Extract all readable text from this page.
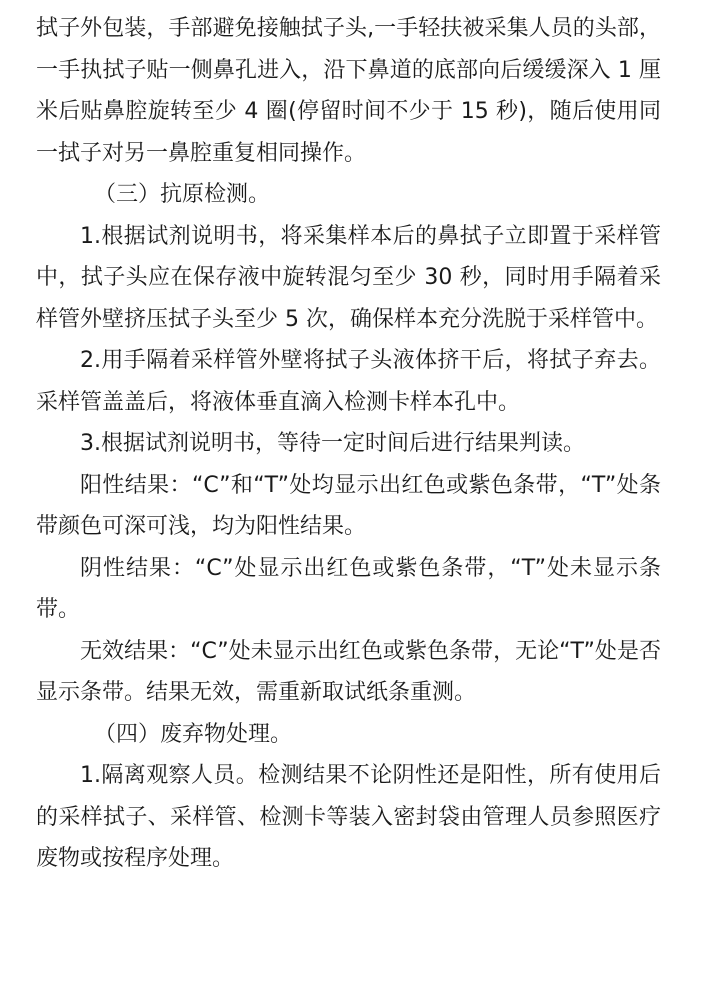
拭子外包装，手部避免接触拭子头,一手轻扶被采集人员的头部，一手执拭子贴一侧鼻孔进入，沿下鼻道的底部向后缓缓深入 1 厘米后贴鼻腔旋转至少 4 圈(停留时间不少于 15 秒)，随后使用同一拭子对另一鼻腔重复相同操作。

（三）抗原检测。

1.根据试剂说明书，将采集样本后的鼻拭子立即置于采样管中，拭子头应在保存液中旋转混匀至少 30 秒，同时用手隔着采样管外壁挤压拭子头至少 5 次，确保样本充分洗脱于采样管中。

2.用手隔着采样管外壁将拭子头液体挤干后，将拭子弃去。采样管盖盖后，将液体垂直滴入检测卡样本孔中。

3.根据试剂说明书，等待一定时间后进行结果判读。

阳性结果：“C”和“T”处均显示出红色或紫色条带，“T”处条带颜色可深可浅，均为阳性结果。

阴性结果：“C”处显示出红色或紫色条带，“T”处未显示条带。

无效结果：“C”处未显示出红色或紫色条带，无论“T”处是否显示条带。结果无效，需重新取试纸条重测。

（四）废弃物处理。

1.隔离观察人员。检测结果不论阴性还是阳性，所有使用后的采样拭子、采样管、检测卡等装入密封袋由管理人员参照医疗废物或按程序处理。
